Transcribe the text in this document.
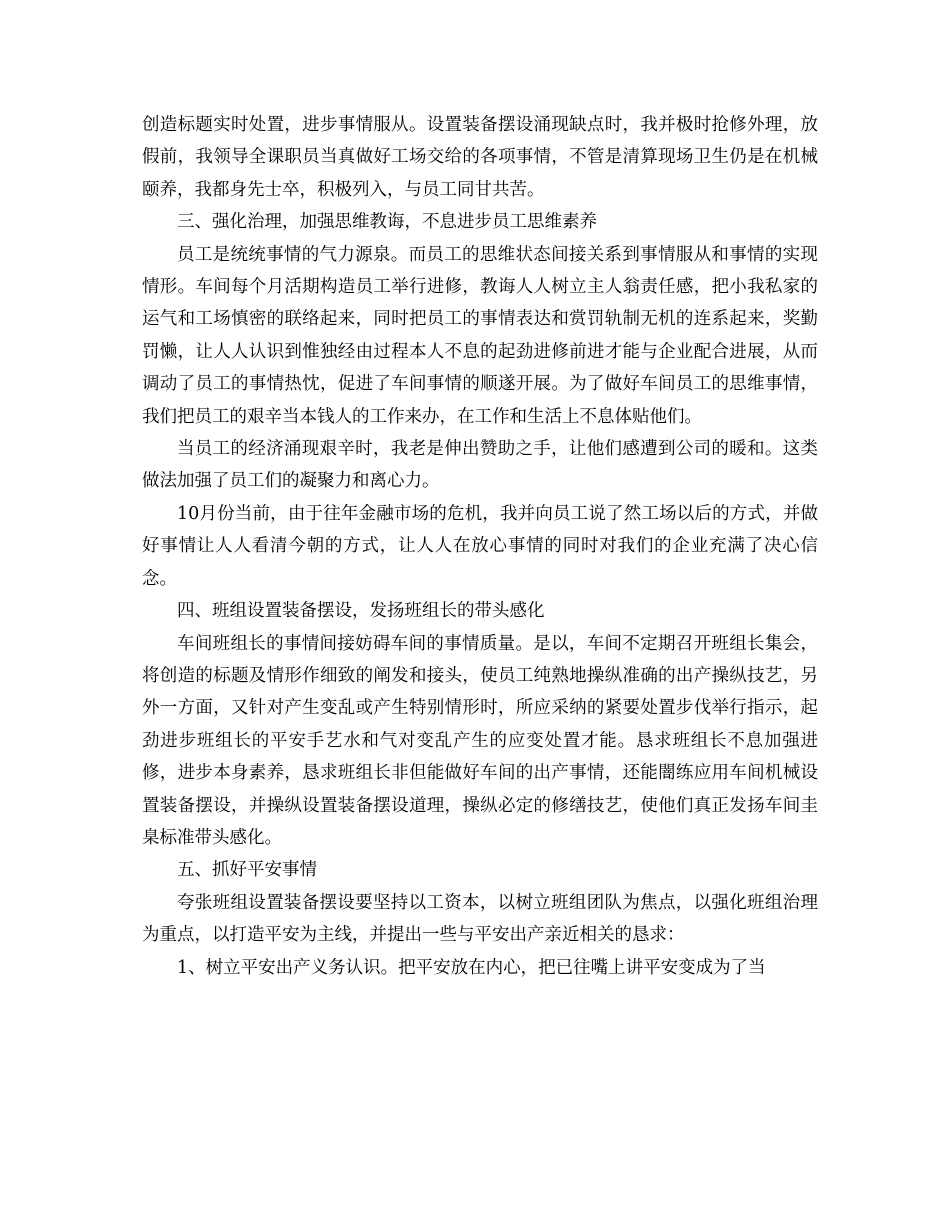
创造标题实时处置，进步事情服从。设置装备摆设涌现缺点时，我并极时抢修外理，放假前，我领导全课职员当真做好工场交给的各项事情，不管是清算现场卫生仍是在机械颐养，我都身先士卒，积极列入，与员工同甘共苦。

三、强化治理，加强思维教诲，不息进步员工思维素养

员工是统统事情的气力源泉。而员工的思维状态间接关系到事情服从和事情的实现情形。车间每个月活期构造员工举行进修，教诲人人树立主人翁责任感，把小我私家的运气和工场慎密的联络起来，同时把员工的事情表达和赏罚轨制无机的连系起来，奖勤罚懒，让人人认识到惟独经由过程本人不息的起劲进修前进才能与企业配合进展，从而调动了员工的事情热忱，促进了车间事情的顺遂开展。为了做好车间员工的思维事情，我们把员工的艰辛当本钱人的工作来办，在工作和生活上不息体贴他们。

当员工的经济涌现艰辛时，我老是伸出赞助之手，让他们感遭到公司的暖和。这类做法加强了员工们的凝聚力和离心力。

10月份当前，由于往年金融市场的危机，我并向员工说了然工场以后的方式，并做好事情让人人看清今朝的方式，让人人在放心事情的同时对我们的企业充满了决心信念。

四、班组设置装备摆设，发扬班组长的带头感化

车间班组长的事情间接妨碍车间的事情质量。是以，车间不定期召开班组长集会，将创造的标题及情形作细致的阐发和接头，使员工纯熟地操纵准确的出产操纵技艺，另外一方面，又针对产生变乱或产生特别情形时，所应采纳的紧要处置步伐举行指示，起劲进步班组长的平安手艺水和气对变乱产生的应变处置才能。恳求班组长不息加强进修，进步本身素养，恳求班组长非但能做好车间的出产事情，还能闇练应用车间机械设置装备摆设，并操纵设置装备摆设道理，操纵必定的修缮技艺，使他们真正发扬车间圭臬标准带头感化。

五、抓好平安事情

夸张班组设置装备摆设要坚持以工资本，以树立班组团队为焦点，以强化班组治理为重点，以打造平安为主线，并提出一些与平安出产亲近相关的恳求：

1、树立平安出产义务认识。把平安放在内心，把已往嘴上讲平安变成为了当
